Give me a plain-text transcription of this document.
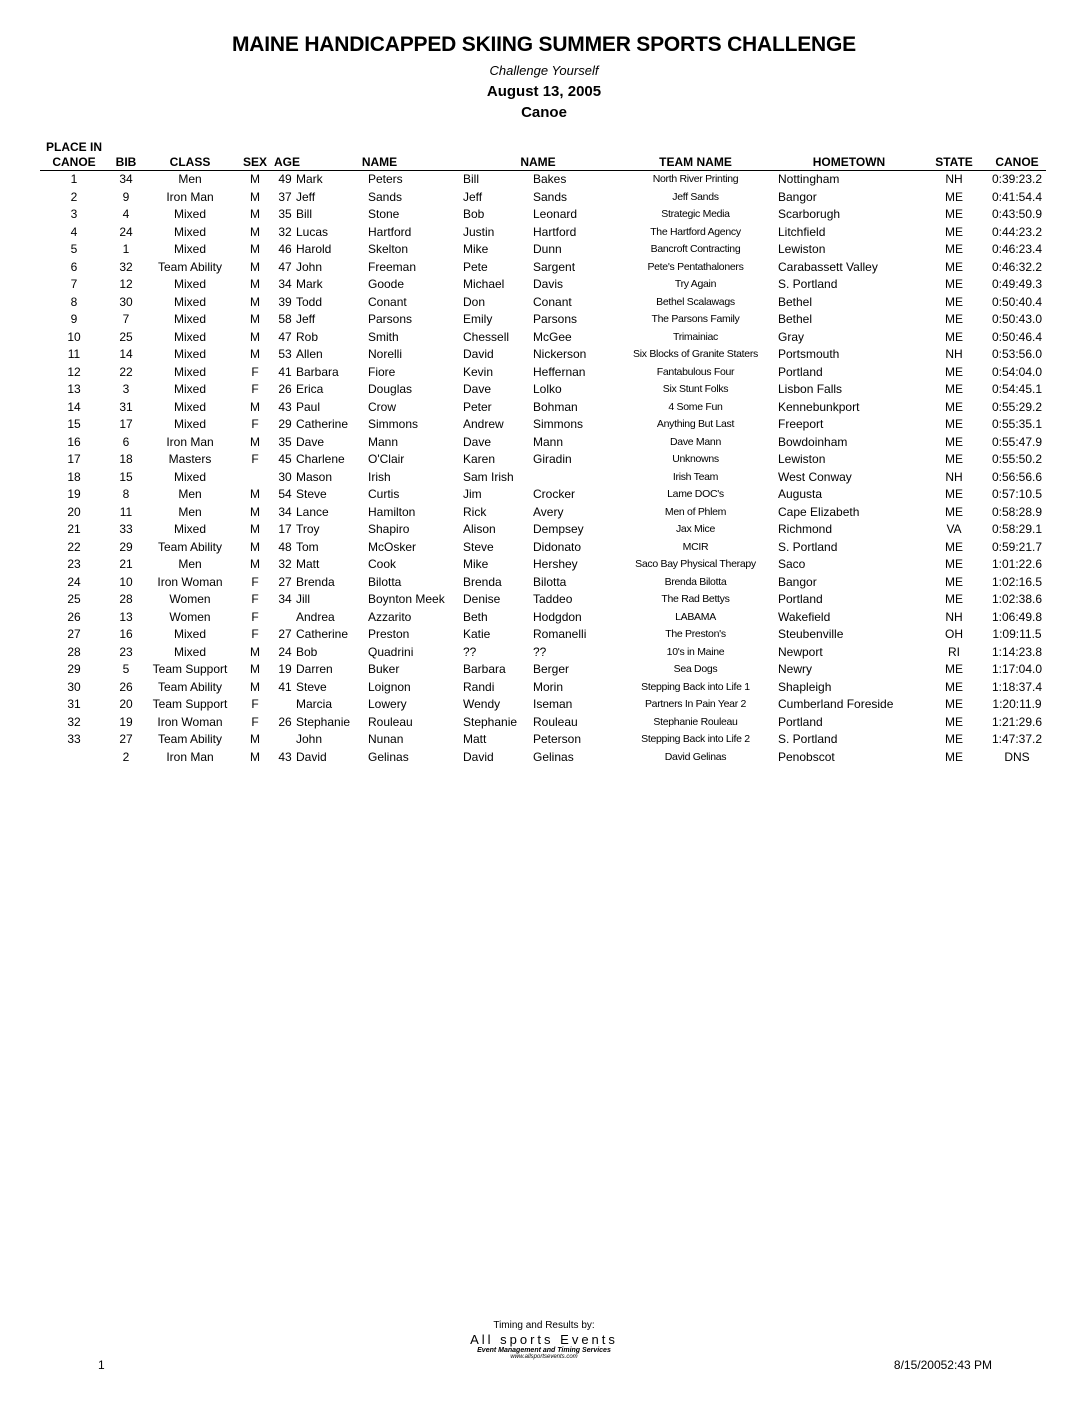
MAINE HANDICAPPED SKIING SUMMER SPORTS CHALLENGE
Challenge Yourself
August 13, 2005
Canoe
PLACE IN
CANOE	BIB	CLASS	SEX	AGE	NAME		NAME		TEAM NAME	HOMETOWN	STATE	CANOE
1	34	Men	M	49	Mark	Peters	Bill	Bakes	North River Printing	Nottingham	NH	0:39:23.2
2	9	Iron Man	M	37	Jeff	Sands	Jeff	Sands	Jeff Sands	Bangor	ME	0:41:54.4
3	4	Mixed	M	35	Bill	Stone	Bob	Leonard	Strategic Media	Scarborugh	ME	0:43:50.9
4	24	Mixed	M	32	Lucas	Hartford	Justin	Hartford	The Hartford Agency	Litchfield	ME	0:44:23.2
5	1	Mixed	M	46	Harold	Skelton	Mike	Dunn	Bancroft Contracting	Lewiston	ME	0:46:23.4
6	32	Team Ability	M	47	John	Freeman	Pete	Sargent	Pete's Pentathaloners	Carabassett Valley	ME	0:46:32.2
7	12	Mixed	M	34	Mark	Goode	Michael	Davis	Try Again	S. Portland	ME	0:49:49.3
8	30	Mixed	M	39	Todd	Conant	Don	Conant	Bethel Scalawags	Bethel	ME	0:50:40.4
9	7	Mixed	M	58	Jeff	Parsons	Emily	Parsons	The Parsons Family	Bethel	ME	0:50:43.0
10	25	Mixed	M	47	Rob	Smith	Chessell	McGee	Trimainiac	Gray	ME	0:50:46.4
11	14	Mixed	M	53	Allen	Norelli	David	Nickerson	Six Blocks of Granite Staters	Portsmouth	NH	0:53:56.0
12	22	Mixed	F	41	Barbara	Fiore	Kevin	Heffernan	Fantabulous Four	Portland	ME	0:54:04.0
13	3	Mixed	F	26	Erica	Douglas	Dave	Lolko	Six Stunt Folks	Lisbon Falls	ME	0:54:45.1
14	31	Mixed	M	43	Paul	Crow	Peter	Bohman	4 Some Fun	Kennebunkport	ME	0:55:29.2
15	17	Mixed	F	29	Catherine	Simmons	Andrew	Simmons	Anything But Last	Freeport	ME	0:55:35.1
16	6	Iron Man	M	35	Dave	Mann	Dave	Mann	Dave Mann	Bowdoinham	ME	0:55:47.9
17	18	Masters	F	45	Charlene	O'Clair	Karen	Giradin	Unknowns	Lewiston	ME	0:55:50.2
18	15	Mixed		30	Mason	Irish	Sam Irish		Irish Team	West Conway	NH	0:56:56.6
19	8	Men	M	54	Steve	Curtis	Jim	Crocker	Lame DOC's	Augusta	ME	0:57:10.5
20	11	Men	M	34	Lance	Hamilton	Rick	Avery	Men of Phlem	Cape Elizabeth	ME	0:58:28.9
21	33	Mixed	M	17	Troy	Shapiro	Alison	Dempsey	Jax Mice	Richmond	VA	0:58:29.1
22	29	Team Ability	M	48	Tom	McOsker	Steve	Didonato	MCIR	S. Portland	ME	0:59:21.7
23	21	Men	M	32	Matt	Cook	Mike	Hershey	Saco Bay Physical Therapy	Saco	ME	1:01:22.6
24	10	Iron Woman	F	27	Brenda	Bilotta	Brenda	Bilotta	Brenda Bilotta	Bangor	ME	1:02:16.5
25	28	Women	F	34	Jill	Boynton Meek	Denise	Taddeo	The Rad Bettys	Portland	ME	1:02:38.6
26	13	Women	F		Andrea	Azzarito	Beth	Hodgdon	LABAMA	Wakefield	NH	1:06:49.8
27	16	Mixed	F	27	Catherine	Preston	Katie	Romanelli	The Preston's	Steubenville	OH	1:09:11.5
28	23	Mixed	M	24	Bob	Quadrini	??	??	10's in Maine	Newport	RI	1:14:23.8
29	5	Team Support	M	19	Darren	Buker	Barbara	Berger	Sea Dogs	Newry	ME	1:17:04.0
30	26	Team Ability	M	41	Steve	Loignon	Randi	Morin	Stepping Back into Life 1	Shapleigh	ME	1:18:37.4
31	20	Team Support	F		Marcia	Lowery	Wendy	Iseman	Partners In Pain Year 2	Cumberland Foreside	ME	1:20:11.9
32	19	Iron Woman	F	26	Stephanie	Rouleau	Stephanie	Rouleau	Stephanie Rouleau	Portland	ME	1:21:29.6
33	27	Team Ability	M		John	Nunan	Matt	Peterson	Stepping Back into Life 2	S. Portland	ME	1:47:37.2
	2	Iron Man	M	43	David	Gelinas	David	Gelinas	David Gelinas	Penobscot	ME	DNS
Timing and Results by:
All sports Events
Event Management and Timing Services
www.allsportsevents.com
1	8/15/20052:43 PM
